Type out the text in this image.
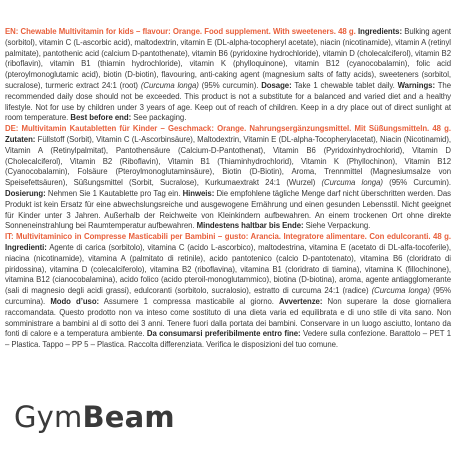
EN: Chewable Multivitamin for kids – flavour: Orange. Food supplement. With sweeteners. 48 g. Ingredients: Bulking agent (sorbitol), vitamin C (L-ascorbic acid), maltodextrin, vitamin E (DL-alpha-tocopheryl acetate), niacin (nicotinamide), vitamin A (retinyl palmitate), pantothenic acid (calcium D-pantothenate), vitamin B6 (pyridoxine hydrochloride), vitamin D (cholecalciferol), vitamin B2 (riboflavin), vitamin B1 (thiamin hydrochloride), vitamin K (phylloquinone), vitamin B12 (cyanocobalamin), folic acid (pteroylmonoglutamic acid), biotin (D-biotin), flavouring, anti-caking agent (magnesium salts of fatty acids), sweeteners (sorbitol, sucralose), turmeric extract 24:1 (root) (Curcuma longa) (95% curcumin). Dosage: Take 1 chewable tablet daily. Warnings: The recommended daily dose should not be exceeded. This product is not a substitute for a balanced and varied diet and a healthy lifestyle. Not for use by children under 3 years of age. Keep out of reach of children. Keep in a dry place out of direct sunlight at room temperature. Best before end: See packaging.

DE: Multivitamin Kautabletten für Kinder – Geschmack: Orange. Nahrungsergänzungsmittel. Mit Süßungsmitteln. 48 g. Zutaten: Füllstoff (Sorbit), Vitamin C (L-Ascorbinsäure), Maltodextrin, Vitamin E (DL-alpha-Tocopherylacetat), Niacin (Nicotinamid), Vitamin A (Retinylpalmitat), Pantothensäure (Calcium-D-Pantothenat), Vitamin B6 (Pyridoxinhydrochlorid), Vitamin D (Cholecalciferol), Vitamin B2 (Riboflavin), Vitamin B1 (Thiaminhydrochlorid), Vitamin K (Phyllochinon), Vitamin B12 (Cyanocobalamin), Folsäure (Pteroylmonoglutaminsäure), Biotin (D-Biotin), Aroma, Trennmittel (Magnesiumsalze von Speisefettsäuren), Süßungsmittel (Sorbit, Sucralose), Kurkumaextrakt 24:1 (Wurzel) (Curcuma longa) (95% Curcumin). Dosierung: Nehmen Sie 1 Kautablette pro Tag ein. Hinweis: Die empfohlene tägliche Menge darf nicht überschritten werden. Das Produkt ist kein Ersatz für eine abwechslungsreiche und ausgewogene Ernährung und einen gesunden Lebensstil. Nicht geeignet für Kinder unter 3 Jahren. Außerhalb der Reichweite von Kleinkindern aufbewahren. An einem trockenen Ort ohne direkte Sonneneinstrahlung bei Raumtemperatur aufbewahren. Mindestens haltbar bis Ende: Siehe Verpackung.

IT: Multivitaminico in Compresse Masticabili per Bambini – gusto: Arancia. Integratore alimentare. Con edulcoranti. 48 g. Ingredienti: Agente di carica (sorbitolo), vitamina C (acido L-ascorbico), maltodestrina, vitamina E (acetato di DL-alfa-tocoferile), niacina (nicotinamide), vitamina A (palmitato di retinile), acido pantotenico (calcio D-pantotenato), vitamina B6 (cloridrato di piridossina), vitamina D (colecalciferolo), vitamina B2 (riboflavina), vitamina B1 (cloridrato di tiamina), vitamina K (fillochinone), vitamina B12 (cianocobalamina), acido folico (acido pteroil-monoglutammico), biotina (D-biotina), aroma, agente antiagglomerante (sali di magnesio degli acidi grassi), edulcoranti (sorbitolo, sucralosio), estratto di curcuma 24:1 (radice) (Curcuma longa) (95% curcumina). Modo d’uso: Assumere 1 compressa masticabile al giorno. Avvertenze: Non superare la dose giornaliera raccomandata. Questo prodotto non va inteso come sostituto di una dieta varia ed equilibrata e di uno stile di vita sano. Non somministrare a bambini al di sotto dei 3 anni. Tenere fuori dalla portata dei bambini. Conservare in un luogo asciutto, lontano da fonti di calore e a temperatura ambiente. Da consumarsi preferibilmente entro fine: Vedere sulla confezione. Barattolo – PET 1 – Plastica. Tappo – PP 5 – Plastica. Raccolta differenziata. Verifica le disposizioni del tuo comune.

GymBeam
